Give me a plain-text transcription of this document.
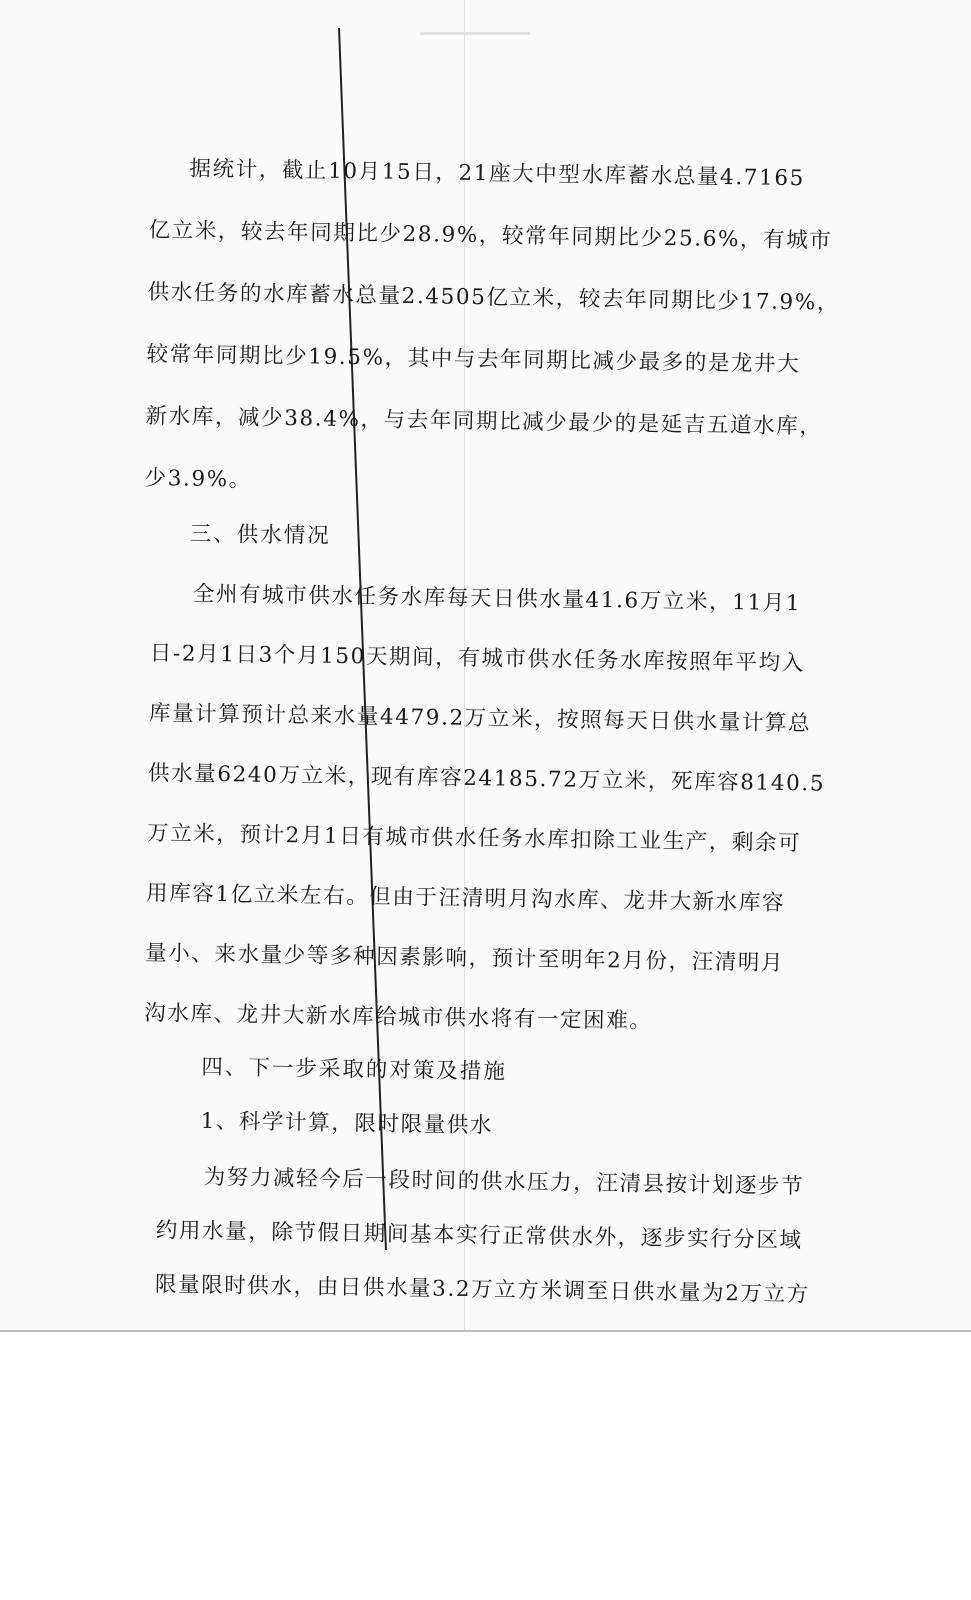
据统计，截止10月15日，21座大中型水库蓄水总量4.7165
亿立米，较去年同期比少28.9%，较常年同期比少25.6%，有城市
供水任务的水库蓄水总量2.4505亿立米，较去年同期比少17.9%，
较常年同期比少19.5%，其中与去年同期比减少最多的是龙井大
新水库，减少38.4%，与去年同期比减少最少的是延吉五道水库，
少3.9%。
三、供水情况
全州有城市供水任务水库每天日供水量41.6万立米，11月1
日-2月1日3个月150天期间，有城市供水任务水库按照年平均入
库量计算预计总来水量4479.2万立米，按照每天日供水量计算总
供水量6240万立米，现有库容24185.72万立米，死库容8140.5
万立米，预计2月1日有城市供水任务水库扣除工业生产，剩余可
用库容1亿立米左右。但由于汪清明月沟水库、龙井大新水库容
量小、来水量少等多种因素影响，预计至明年2月份，汪清明月
沟水库、龙井大新水库给城市供水将有一定困难。
四、下一步采取的对策及措施
1、科学计算，限时限量供水
为努力减轻今后一段时间的供水压力，汪清县按计划逐步节
约用水量，除节假日期间基本实行正常供水外，逐步实行分区域
限量限时供水，由日供水量3.2万立方米调至日供水量为2万立方
